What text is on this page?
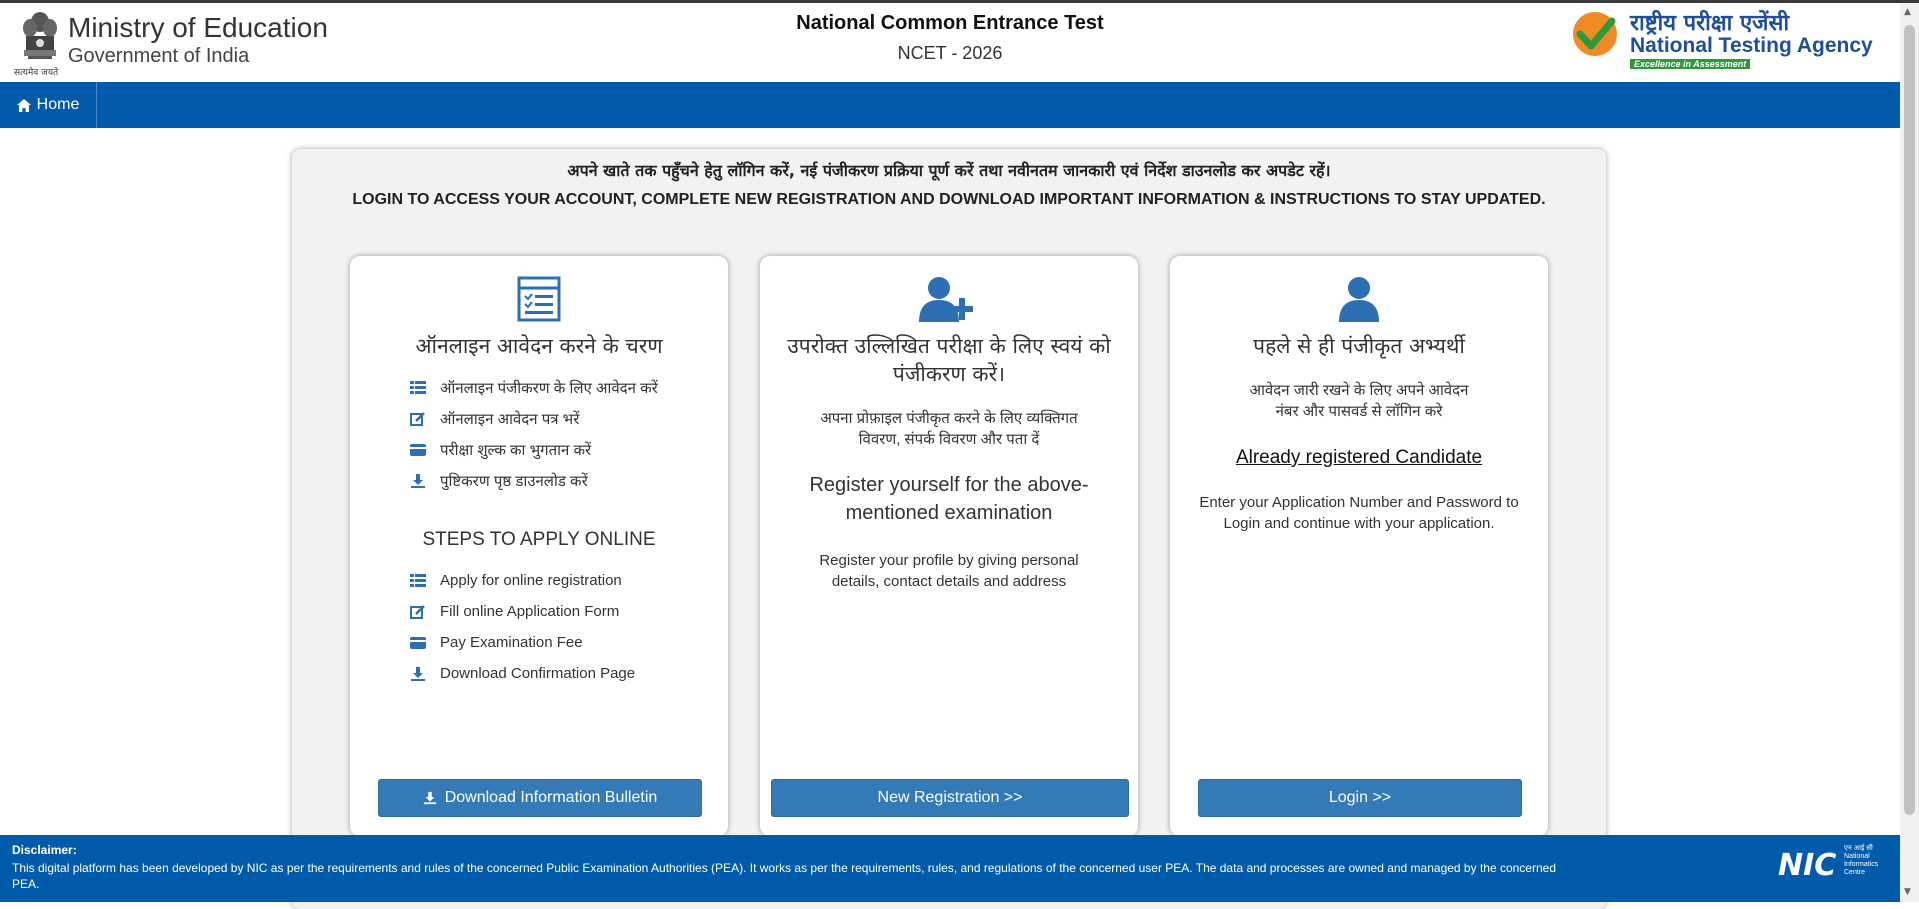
सत्यमेव जयते
Ministry of Education
Government of India
National Common Entrance Test
NCET - 2026
राष्ट्रीय परीक्षा एजेंसी
National Testing Agency
Excellence in Assessment
Home
अपने खाते तक पहुँचने हेतु लॉगिन करें, नई पंजीकरण प्रक्रिया पूर्ण करें तथा नवीनतम जानकारी एवं निर्देश डाउनलोड कर अपडेट रहें।
LOGIN TO ACCESS YOUR ACCOUNT, COMPLETE NEW REGISTRATION AND DOWNLOAD IMPORTANT INFORMATION & INSTRUCTIONS TO STAY UPDATED.
ऑनलाइन आवेदन करने के चरण
ऑनलाइन पंजीकरण के लिए आवेदन करें
ऑनलाइन आवेदन पत्र भरें
परीक्षा शुल्क का भुगतान करें
पुष्टिकरण पृष्ठ डाउनलोड करें
STEPS TO APPLY ONLINE
Apply for online registration
Fill online Application Form
Pay Examination Fee
Download Confirmation Page
Download Information Bulletin
उपरोक्त उल्लिखित परीक्षा के लिए स्वयं को पंजीकरण करें।
अपना प्रोफ़ाइल पंजीकृत करने के लिए व्यक्तिगत विवरण, संपर्क विवरण और पता दें
Register yourself for the above-mentioned examination
Register your profile by giving personal details, contact details and address
New Registration >>
पहले से ही पंजीकृत अभ्यर्थी
आवेदन जारी रखने के लिए अपने आवेदन नंबर और पासवर्ड से लॉगिन करे
Already registered Candidate
Enter your Application Number and Password to Login and continue with your application.
Login >>
Disclaimer:
This digital platform has been developed by NIC as per the requirements and rules of the concerned Public Examination Authorities (PEA). It works as per the requirements, rules, and regulations of the concerned user PEA. The data and processes are owned and managed by the concerned PEA.
NIC एन आई सी
National
Informatics
Centre
▲
▼
